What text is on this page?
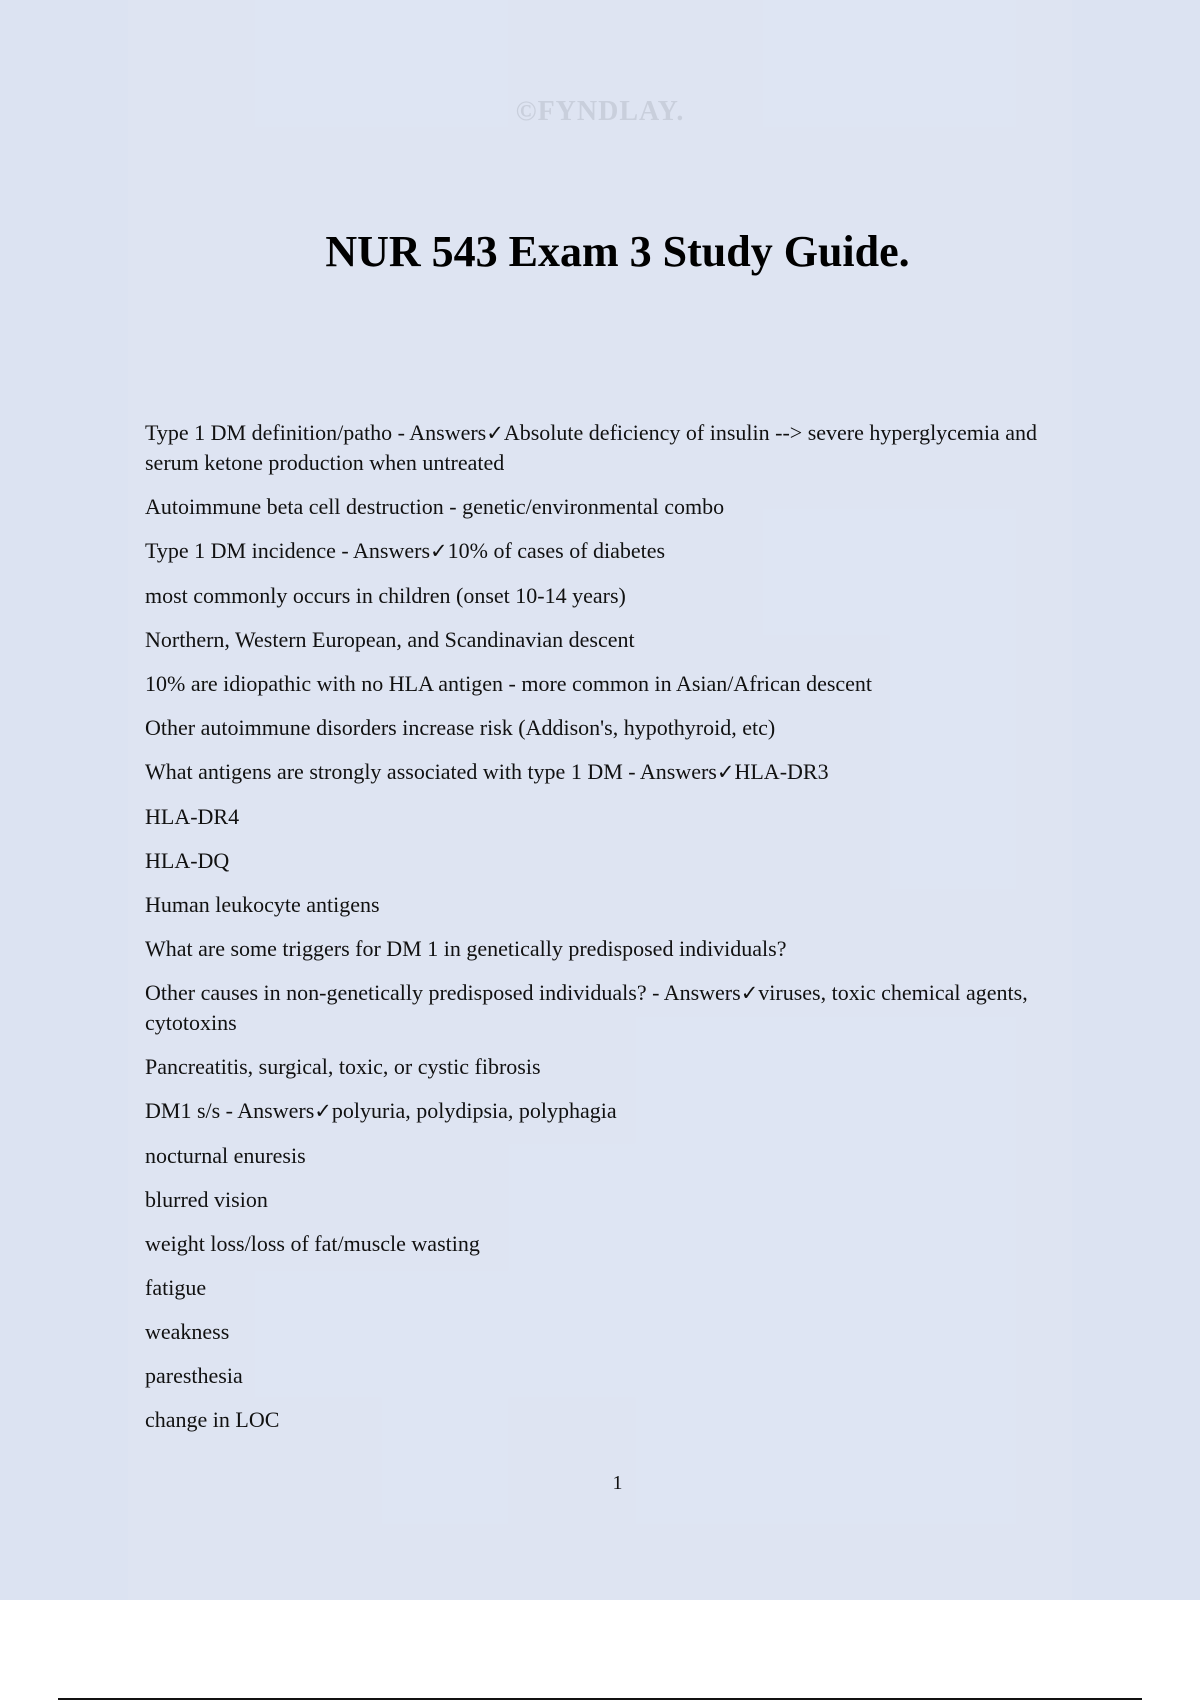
©FYNDLAY.
NUR 543 Exam 3 Study Guide.

Type 1 DM definition/patho - Answers✓Absolute deficiency of insulin --> severe hyperglycemia and serum ketone production when untreated

Autoimmune beta cell destruction - genetic/environmental combo

Type 1 DM incidence - Answers✓10% of cases of diabetes

most commonly occurs in children (onset 10-14 years)

Northern, Western European, and Scandinavian descent

10% are idiopathic with no HLA antigen - more common in Asian/African descent

Other autoimmune disorders increase risk (Addison's, hypothyroid, etc)

What antigens are strongly associated with type 1 DM - Answers✓HLA-DR3

HLA-DR4

HLA-DQ

Human leukocyte antigens

What are some triggers for DM 1 in genetically predisposed individuals?

Other causes in non-genetically predisposed individuals? - Answers✓viruses, toxic chemical agents, cytotoxins

Pancreatitis, surgical, toxic, or cystic fibrosis

DM1 s/s - Answers✓polyuria, polydipsia, polyphagia

nocturnal enuresis

blurred vision

weight loss/loss of fat/muscle wasting

fatigue

weakness

paresthesia

change in LOC

1
